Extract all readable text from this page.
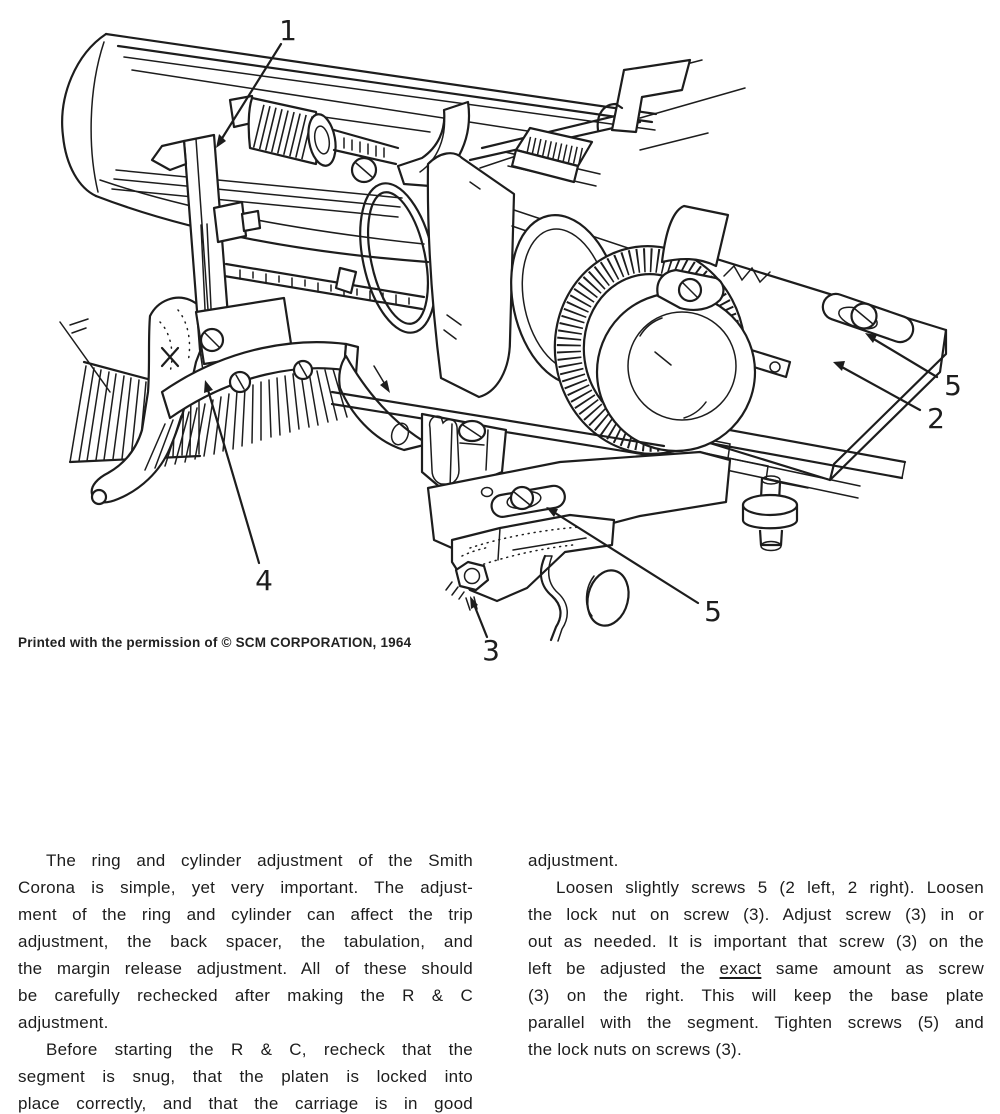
1
2
3
4
5
5
Printed with the permission of © SCM CORPORATION, 1964
The ring and cylinder adjustment of the Smith
Corona is simple, yet very important. The adjust-
ment of the ring and cylinder can affect the trip
adjustment, the back spacer, the tabulation, and
the margin release adjustment. All of these should
be carefully rechecked after making the R & C
adjustment.
Before starting the R & C, recheck that the
segment is snug, that the platen is locked into
place correctly, and that the carriage is in good
adjustment.
Loosen slightly screws 5 (2 left, 2 right). Loosen
the lock nut on screw (3). Adjust screw (3) in or
out as needed. It is important that screw (3) on the
left be adjusted the exact same amount as screw
(3) on the right. This will keep the base plate
parallel with the segment. Tighten screws (5) and
the lock nuts on screws (3).
